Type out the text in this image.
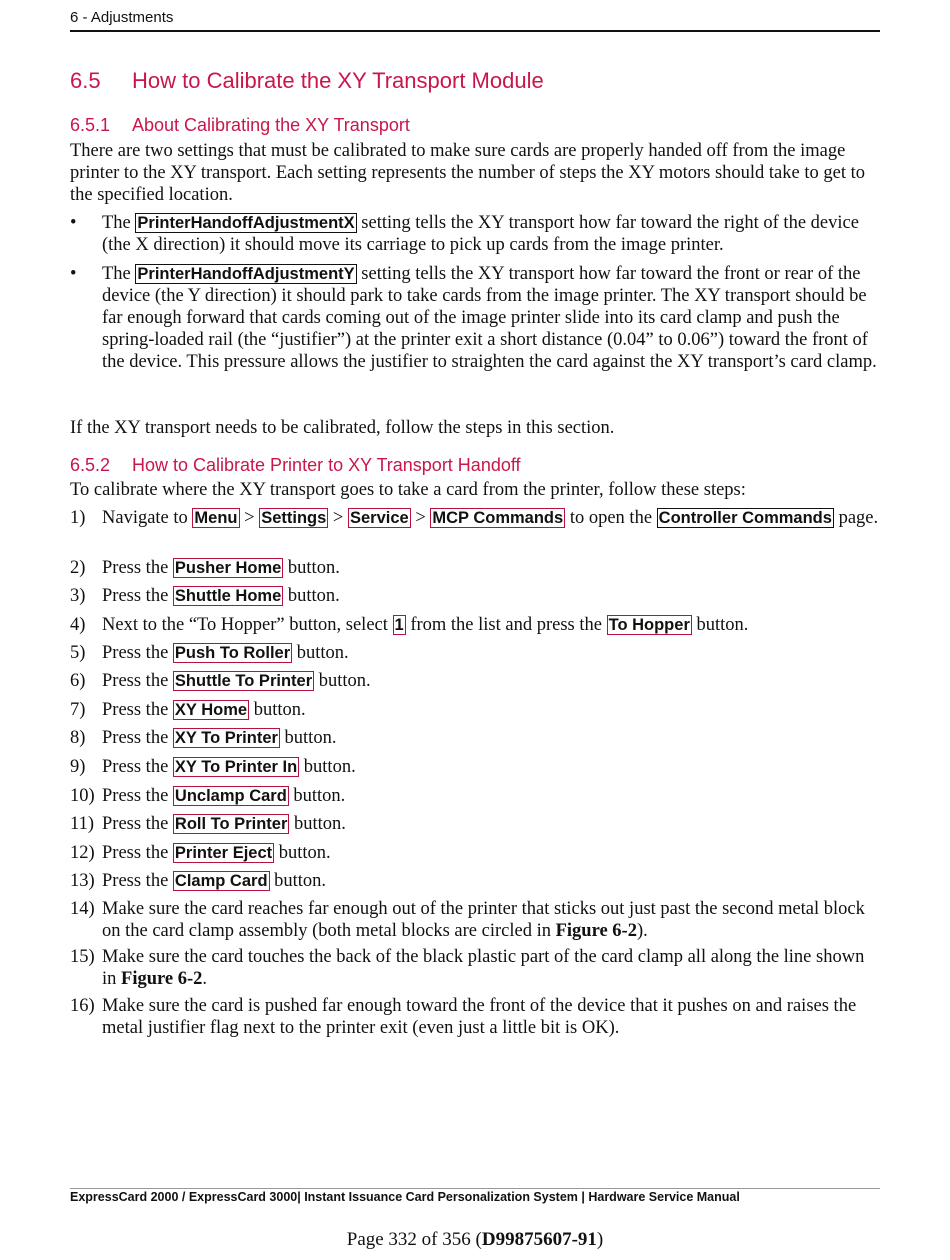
6 - Adjustments
6.5 How to Calibrate the XY Transport Module
6.5.1 About Calibrating the XY Transport

There are two settings that must be calibrated to make sure cards are properly handed off from the image printer to the XY transport. Each setting represents the number of steps the XY motors should take to get to the specified location.

• The PrinterHandoffAdjustmentX setting tells the XY transport how far toward the right of the device (the X direction) it should move its carriage to pick up cards from the image printer.
• The PrinterHandoffAdjustmentY setting tells the XY transport how far toward the front or rear of the device (the Y direction) it should park to take cards from the image printer. The XY transport should be far enough forward that cards coming out of the image printer slide into its card clamp and push the spring-loaded rail (the “justifier”) at the printer exit a short distance (0.04” to 0.06”) toward the front of the device. This pressure allows the justifier to straighten the card against the XY transport’s card clamp.

If the XY transport needs to be calibrated, follow the steps in this section.

6.5.2 How to Calibrate Printer to XY Transport Handoff

To calibrate where the XY transport goes to take a card from the printer, follow these steps:

1) Navigate to Menu > Settings > Service > MCP Commands to open the Controller Commands page.
2) Press the Pusher Home button.
3) Press the Shuttle Home button.
4) Next to the “To Hopper” button, select 1 from the list and press the To Hopper button.
5) Press the Push To Roller button.
6) Press the Shuttle To Printer button.
7) Press the XY Home button.
8) Press the XY To Printer button.
9) Press the XY To Printer In button.
10) Press the Unclamp Card button.
11) Press the Roll To Printer button.
12) Press the Printer Eject button.
13) Press the Clamp Card button.
14) Make sure the card reaches far enough out of the printer that sticks out just past the second metal block on the card clamp assembly (both metal blocks are circled in Figure 6-2).
15) Make sure the card touches the back of the black plastic part of the card clamp all along the line shown in Figure 6-2.
16) Make sure the card is pushed far enough toward the front of the device that it pushes on and raises the metal justifier flag next to the printer exit (even just a little bit is OK).
ExpressCard 2000 / ExpressCard 3000| Instant Issuance Card Personalization System | Hardware Service Manual
Page 332 of 356 (D99875607-91)
